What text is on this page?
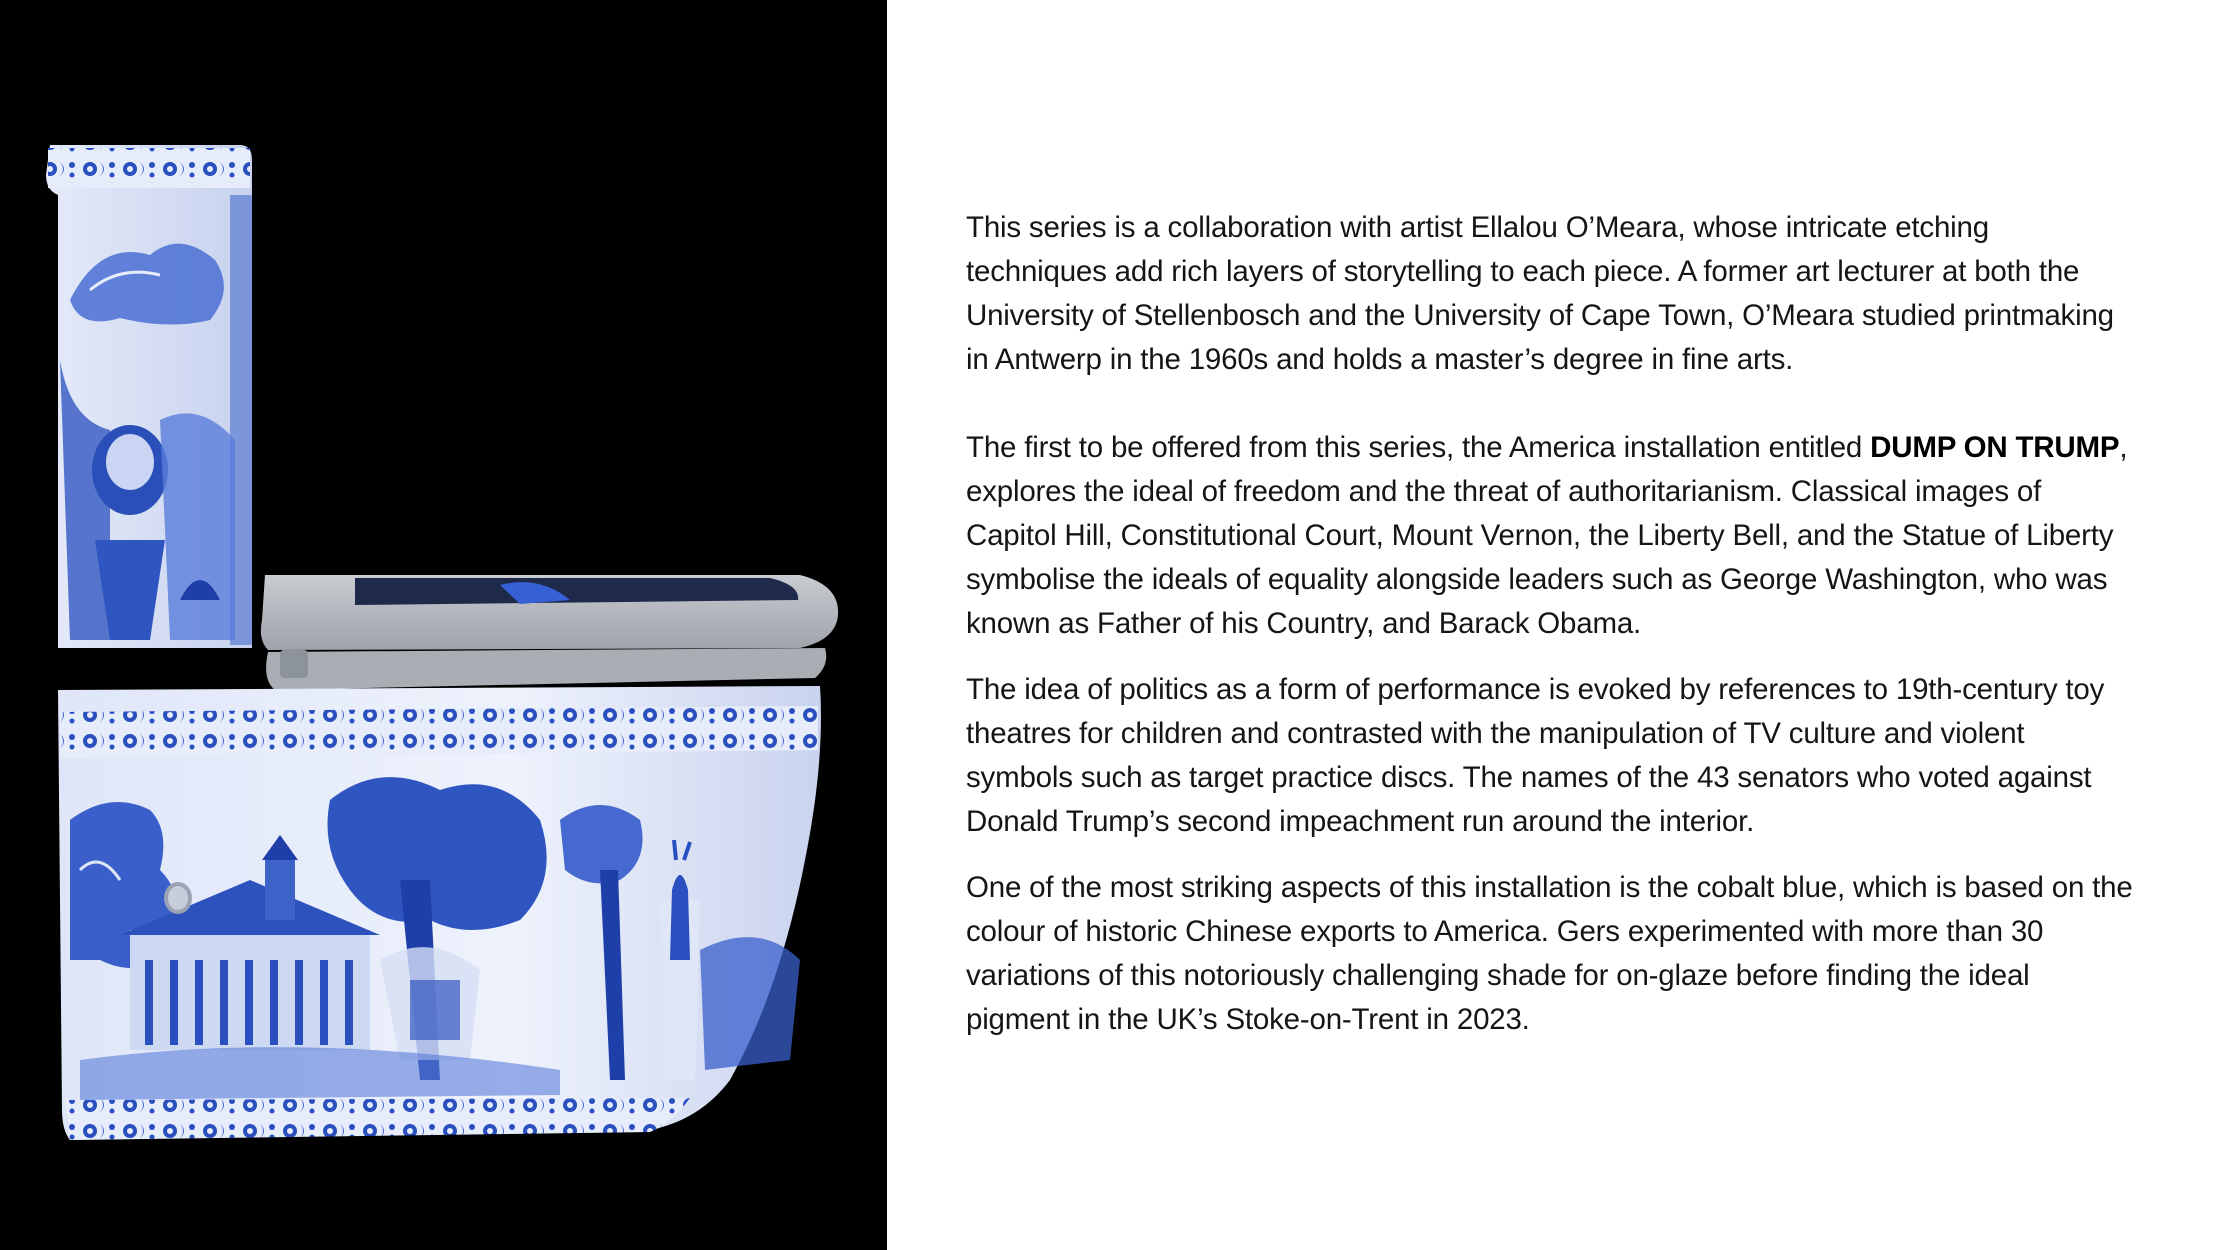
This series is a collaboration with artist Ellalou O’Meara, whose intricate etching techniques add rich layers of storytelling to each piece. A former art lecturer at both the University of Stellenbosch and the University of Cape Town, O’Meara studied printmaking in Antwerp in the 1960s and holds a master’s degree in fine arts.

The first to be offered from this series, the America installation entitled DUMP ON TRUMP, explores the ideal of freedom and the threat of authoritarianism. Classical images of Capitol Hill, Constitutional Court, Mount Vernon, the Liberty Bell, and the Statue of Liberty symbolise the ideals of equality alongside leaders such as George Washington, who was known as Father of his Country, and Barack Obama.

The idea of politics as a form of performance is evoked by references to 19th-century toy theatres for children and contrasted with the manipulation of TV culture and violent symbols such as target practice discs. The names of the 43 senators who voted against Donald Trump’s second impeachment run around the interior.

One of the most striking aspects of this installation is the cobalt blue, which is based on the colour of historic Chinese exports to America. Gers experimented with more than 30 variations of this notoriously challenging shade for on-glaze before finding the ideal pigment in the UK’s Stoke-on-Trent in 2023.
